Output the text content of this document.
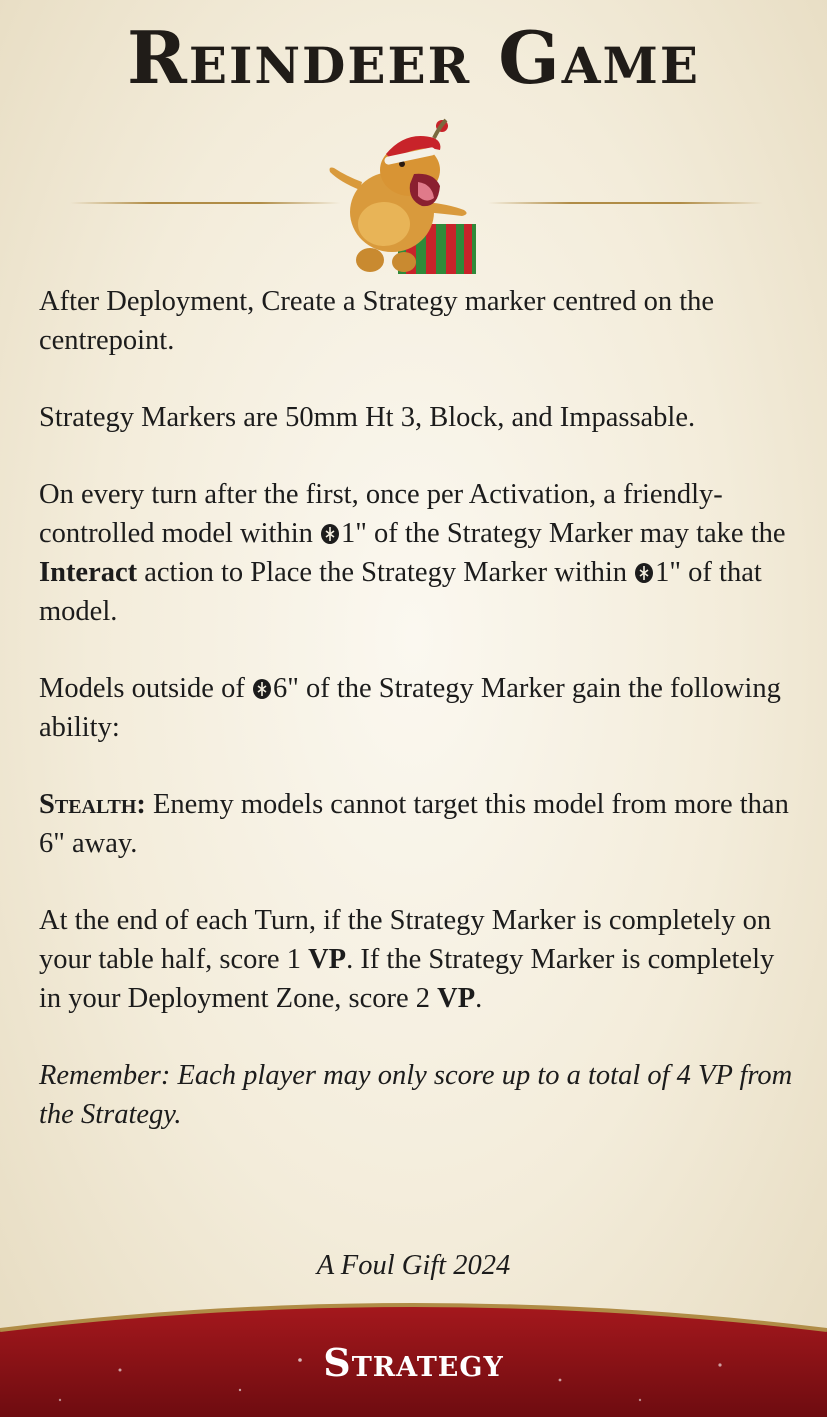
Reindeer Game

After Deployment, Create a Strategy marker centred on the centrepoint.

Strategy Markers are 50mm Ht 3, Block, and Impassable.

On every turn after the first, once per Activation, a friendly-controlled model within 1" of the Strategy Marker may take the Interact action to Place the Strategy Marker within 1" of that model.

Models outside of 6" of the Strategy Marker gain the following ability:

Stealth: Enemy models cannot target this model from more than 6" away.

At the end of each Turn, if the Strategy Marker is completely on your table half, score 1 VP. If the Strategy Marker is completely in your Deployment Zone, score 2 VP.

Remember: Each player may only score up to a total of 4 VP from the Strategy.

A Foul Gift 2024
Strategy
